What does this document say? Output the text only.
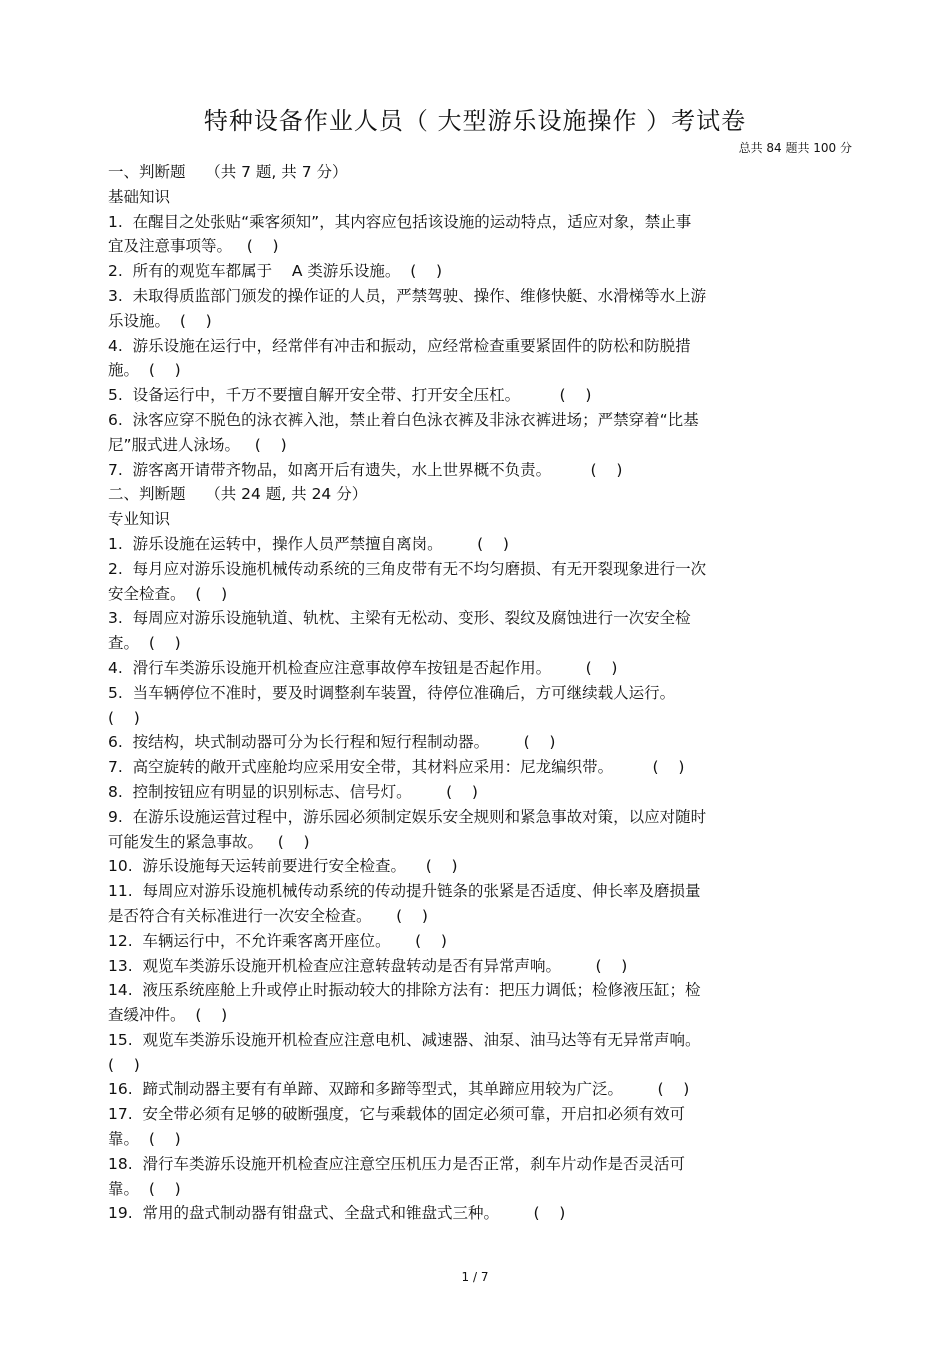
特种设备作业人员（ 大型游乐设施操作 ）考试卷
总共 84 题共 100 分
一、判断题    （共 7 题, 共 7 分）
基础知识
1.  在醒目之处张贴“乘客须知”，其内容应包括该设施的运动特点，适应对象，禁止事
宜及注意事项等。   (    )
2.  所有的观览车都属于    A 类游乐设施。  (    )
3.  未取得质监部门颁发的操作证的人员，严禁驾驶、操作、维修快艇、水滑梯等水上游
乐设施。  (    )
4.  游乐设施在运行中，经常伴有冲击和振动，应经常检查重要紧固件的防松和防脱措
施。  (    )
5.  设备运行中，千万不要擅自解开安全带、打开安全压杠。        (    )
6.  泳客应穿不脱色的泳衣裤入池，禁止着白色泳衣裤及非泳衣裤进场；严禁穿着“比基
尼”服式进人泳场。   (    )
7.  游客离开请带齐物品，如离开后有遗失，水上世界概不负责。        (    )
二、判断题    （共 24 题, 共 24 分）
专业知识
1.  游乐设施在运转中，操作人员严禁擅自离岗。       (    )
2.  每月应对游乐设施机械传动系统的三角皮带有无不均匀磨损、有无开裂现象进行一次
安全检查。  (    )
3.  每周应对游乐设施轨道、轨枕、主梁有无松动、变形、裂纹及腐蚀进行一次安全检
查。  (    )
4.  滑行车类游乐设施开机检查应注意事故停车按钮是否起作用。       (    )
5.  当车辆停位不准时，要及时调整刹车装置，待停位准确后，方可继续载人运行。
(    )
6.  按结构，块式制动器可分为长行程和短行程制动器。       (    )
7.  高空旋转的敞开式座舱均应采用安全带，其材料应采用：尼龙编织带。        (    )
8.  控制按钮应有明显的识别标志、信号灯。       (    )
9.  在游乐设施运营过程中，游乐园必须制定娱乐安全规则和紧急事故对策，以应对随时
可能发生的紧急事故。   (    )
10.  游乐设施每天运转前要进行安全检查。    (    )
11.  每周应对游乐设施机械传动系统的传动提升链条的张紧是否适度、伸长率及磨损量
是否符合有关标准进行一次安全检查。     (    )
12.  车辆运行中，不允许乘客离开座位。     (    )
13.  观览车类游乐设施开机检查应注意转盘转动是否有异常声响。       (    )
14.  液压系统座舱上升或停止时振动较大的排除方法有：把压力调低；检修液压缸；检
查缓冲件。  (    )
15.  观览车类游乐设施开机检查应注意电机、减速器、油泵、油马达等有无异常声响。
(    )
16.  蹄式制动器主要有有单蹄、双蹄和多蹄等型式，其单蹄应用较为广泛。       (    )
17.  安全带必须有足够的破断强度，它与乘载体的固定必须可靠，开启扣必须有效可
靠。  (    )
18.  滑行车类游乐设施开机检查应注意空压机压力是否正常，刹车片动作是否灵活可
靠。  (    )
19.  常用的盘式制动器有钳盘式、全盘式和锥盘式三种。       (    )
1 / 7
